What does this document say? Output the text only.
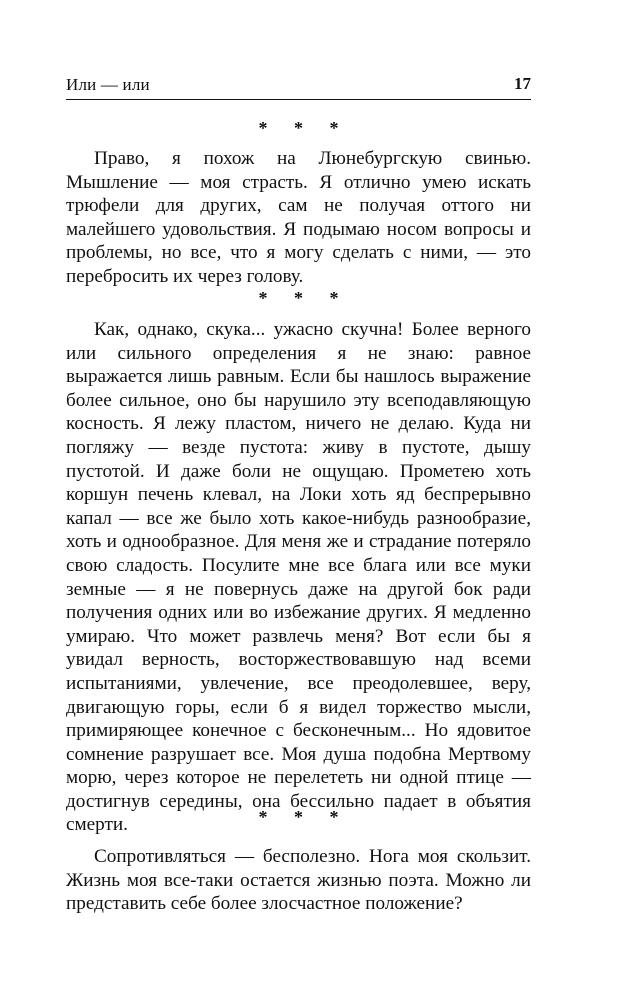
Или — или	17
* * *

Право, я похож на Люнебургскую свинью. Мышление — моя страсть. Я отлично умею искать трюфели для других, сам не получая оттого ни малейшего удовольствия. Я подымаю носом вопросы и проблемы, но все, что я могу сделать с ними, — это перебросить их через голову.

* * *

Как, однако, скука... ужасно скучна! Более верного или сильного определения я не знаю: равное выражается лишь равным. Если бы нашлось выражение более сильное, оно бы нарушило эту всеподавляющую косность. Я лежу пластом, ничего не делаю. Куда ни погляжу — везде пустота: живу в пустоте, дышу пустотой. И даже боли не ощущаю. Прометею хоть коршун печень клевал, на Локи хоть яд беспрерывно капал — все же было хоть какое-нибудь разнообразие, хоть и однообразное. Для меня же и страдание потеряло свою сладость. Посулите мне все блага или все муки земные — я не повернусь даже на другой бок ради получения одних или во избежание других. Я медленно умираю. Что может развлечь меня? Вот если бы я увидал верность, восторжествовавшую над всеми испытаниями, увлечение, все преодолевшее, веру, двигающую горы, если б я видел торжество мысли, примиряющее конечное с бесконечным... Но ядовитое сомнение разрушает все. Моя душа подобна Мертвому морю, через которое не перелететь ни одной птице — достигнув середины, она бессильно падает в объятия смерти.	* * *

Сопротивляться — бесполезно. Нога моя скользит. Жизнь моя все-таки остается жизнью поэта. Можно ли представить себе более злосчастное положение?
